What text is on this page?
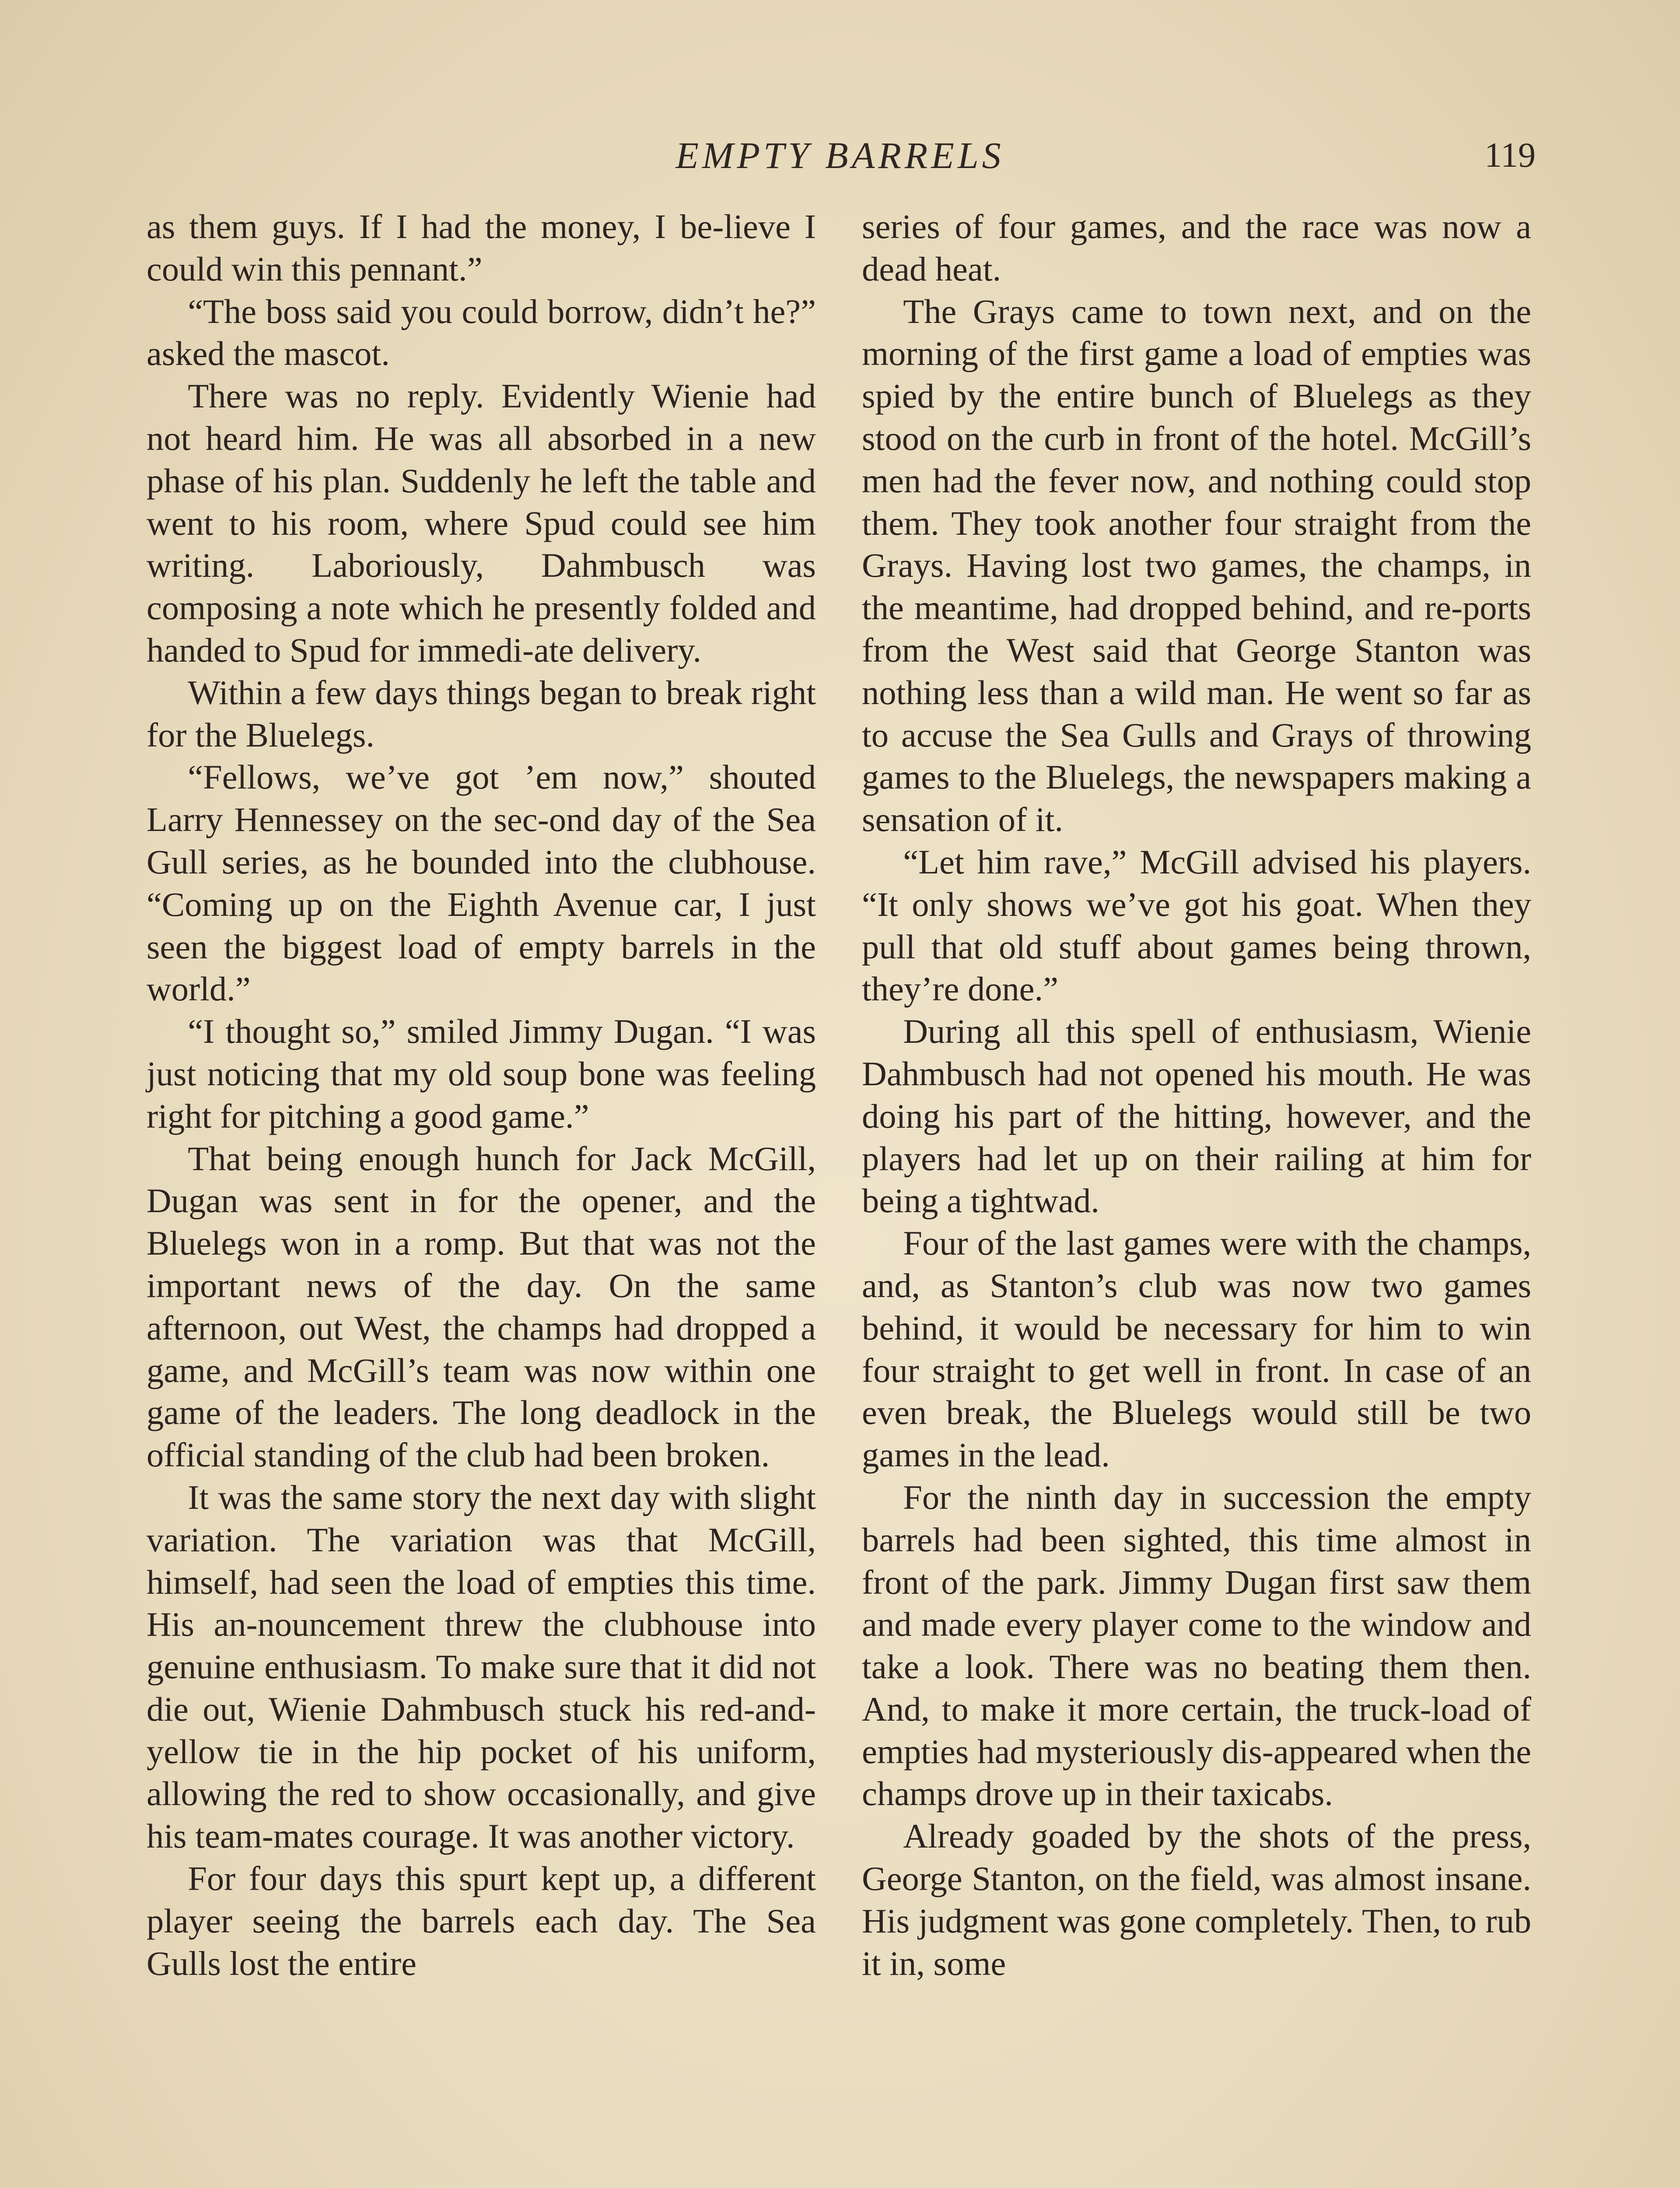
EMPTY BARRELS	119

as them guys. If I had the money, I be-lieve I could win this pennant.”

“The boss said you could borrow, didn’t he?” asked the mascot.

There was no reply. Evidently Wienie had not heard him. He was all absorbed in a new phase of his plan. Suddenly he left the table and went to his room, where Spud could see him writing. Laboriously, Dahmbusch was composing a note which he presently folded and handed to Spud for immedi-ate delivery.

Within a few days things began to break right for the Bluelegs.

“Fellows, we’ve got ’em now,” shouted Larry Hennessey on the sec-ond day of the Sea Gull series, as he bounded into the clubhouse. “Coming up on the Eighth Avenue car, I just seen the biggest load of empty barrels in the world.”

“I thought so,” smiled Jimmy Dugan. “I was just noticing that my old soup bone was feeling right for pitching a good game.”

That being enough hunch for Jack McGill, Dugan was sent in for the opener, and the Bluelegs won in a romp. But that was not the important news of the day. On the same afternoon, out West, the champs had dropped a game, and McGill’s team was now within one game of the leaders. The long deadlock in the official standing of the club had been broken.

It was the same story the next day with slight variation. The variation was that McGill, himself, had seen the load of empties this time. His an-nouncement threw the clubhouse into genuine enthusiasm. To make sure that it did not die out, Wienie Dahmbusch stuck his red-and-yellow tie in the hip pocket of his uniform, allowing the red to show occasionally, and give his team-mates courage. It was another victory.

For four days this spurt kept up, a different player seeing the barrels each day. The Sea Gulls lost the entire

series of four games, and the race was now a dead heat.

The Grays came to town next, and on the morning of the first game a load of empties was spied by the entire bunch of Bluelegs as they stood on the curb in front of the hotel. McGill’s men had the fever now, and nothing could stop them. They took another four straight from the Grays. Having lost two games, the champs, in the meantime, had dropped behind, and re-ports from the West said that George Stanton was nothing less than a wild man. He went so far as to accuse the Sea Gulls and Grays of throwing games to the Bluelegs, the newspapers making a sensation of it.

“Let him rave,” McGill advised his players. “It only shows we’ve got his goat. When they pull that old stuff about games being thrown, they’re done.”

During all this spell of enthusiasm, Wienie Dahmbusch had not opened his mouth. He was doing his part of the hitting, however, and the players had let up on their railing at him for being a tightwad.

Four of the last games were with the champs, and, as Stanton’s club was now two games behind, it would be necessary for him to win four straight to get well in front. In case of an even break, the Bluelegs would still be two games in the lead.

For the ninth day in succession the empty barrels had been sighted, this time almost in front of the park. Jimmy Dugan first saw them and made every player come to the window and take a look. There was no beating them then. And, to make it more certain, the truck-load of empties had mysteriously dis-appeared when the champs drove up in their taxicabs.

Already goaded by the shots of the press, George Stanton, on the field, was almost insane. His judgment was gone completely. Then, to rub it in, some
